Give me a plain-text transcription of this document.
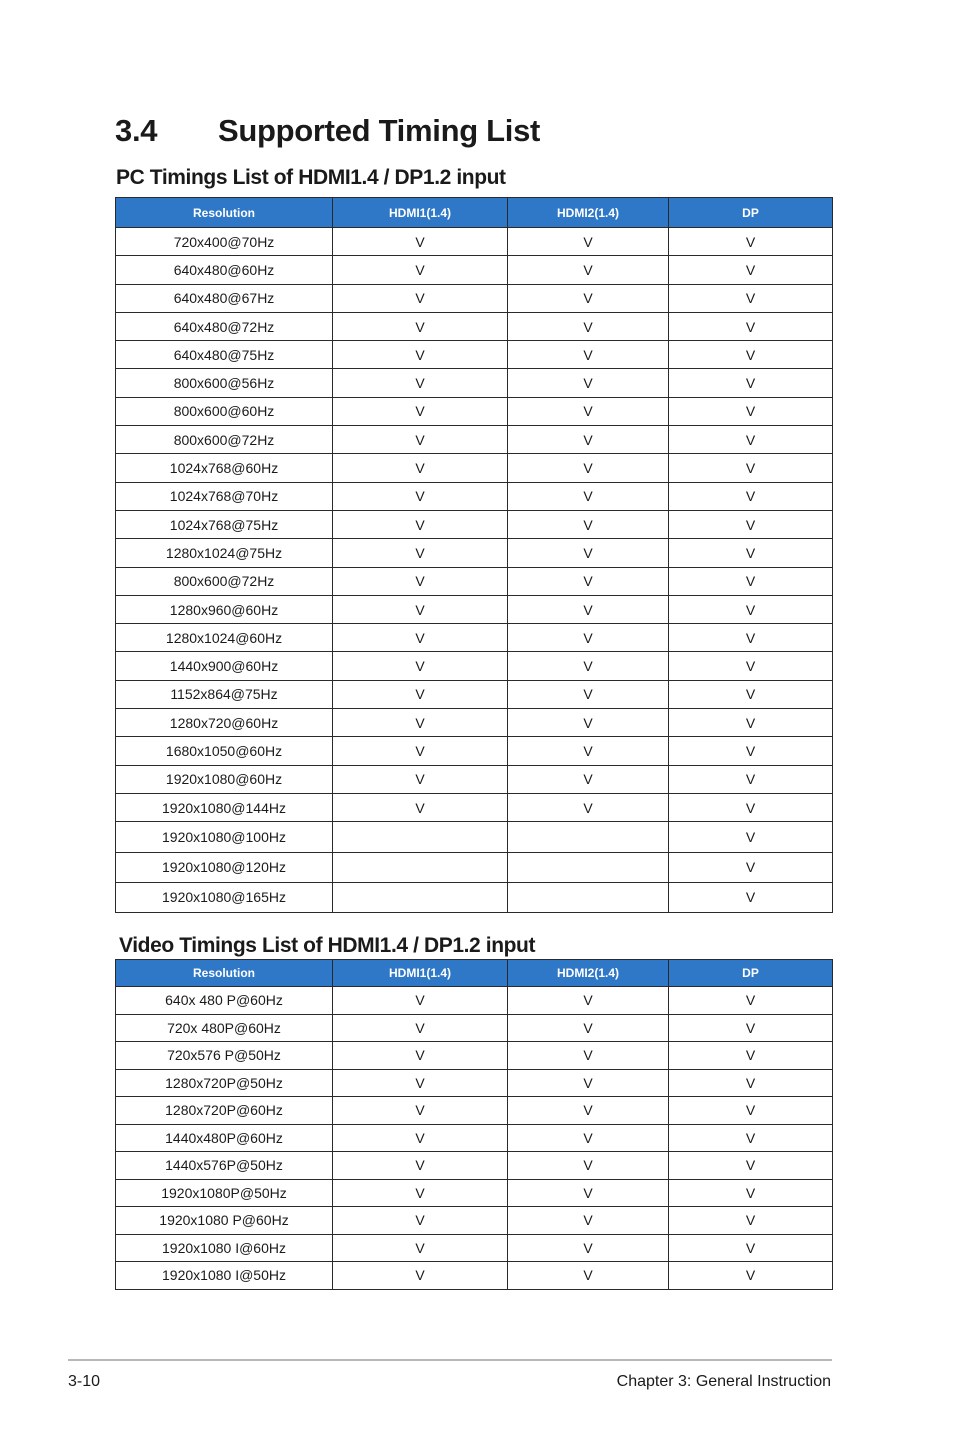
3.4 Supported Timing List
PC Timings List of HDMI1.4 / DP1.2 input
Resolution	HDMI1(1.4)	HDMI2(1.4)	DP
720x400@70Hz	V	V	V
640x480@60Hz	V	V	V
640x480@67Hz	V	V	V
640x480@72Hz	V	V	V
640x480@75Hz	V	V	V
800x600@56Hz	V	V	V
800x600@60Hz	V	V	V
800x600@72Hz	V	V	V
1024x768@60Hz	V	V	V
1024x768@70Hz	V	V	V
1024x768@75Hz	V	V	V
1280x1024@75Hz	V	V	V
800x600@72Hz	V	V	V
1280x960@60Hz	V	V	V
1280x1024@60Hz	V	V	V
1440x900@60Hz	V	V	V
1152x864@75Hz	V	V	V
1280x720@60Hz	V	V	V
1680x1050@60Hz	V	V	V
1920x1080@60Hz	V	V	V
1920x1080@144Hz	V	V	V
1920x1080@100Hz			V
1920x1080@120Hz			V
1920x1080@165Hz			V
Video Timings List of HDMI1.4 / DP1.2 input
Resolution	HDMI1(1.4)	HDMI2(1.4)	DP
640x 480 P@60Hz	V	V	V
720x 480P@60Hz	V	V	V
720x576 P@50Hz	V	V	V
1280x720P@50Hz	V	V	V
1280x720P@60Hz	V	V	V
1440x480P@60Hz	V	V	V
1440x576P@50Hz	V	V	V
1920x1080P@50Hz	V	V	V
1920x1080 P@60Hz	V	V	V
1920x1080 I@60Hz	V	V	V
1920x1080 I@50Hz	V	V	V
3-10	Chapter 3: General Instruction
